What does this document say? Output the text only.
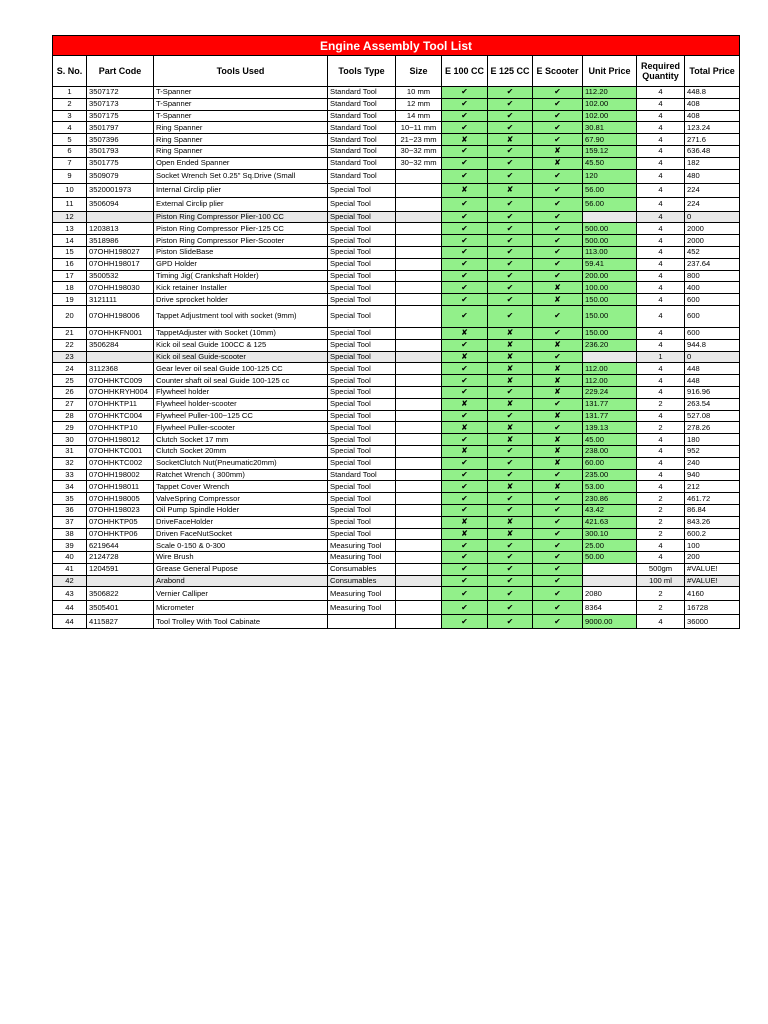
Engine Assembly Tool List										
S. No.	Part Code	Tools Used	Tools Type	Size	E 100 CC	E 125 CC	E Scooter	Unit Price	Required Quantity	Total Price
1	3507172	T-Spanner	Standard Tool	10 mm	✔	✔	✔	112.20	4	448.8
2	3507173	T-Spanner	Standard Tool	12 mm	✔	✔	✔	102.00	4	408
3	3507175	T-Spanner	Standard Tool	14 mm	✔	✔	✔	102.00	4	408
4	3501797	Ring Spanner	Standard Tool	10~11 mm	✔	✔	✔	30.81	4	123.24
5	3507396	Ring Spanner	Standard Tool	21~23 mm	✘	✘	✔	67.90	4	271.6
6	3501793	Ring Spanner	Standard Tool	30~32 mm	✔	✔	✘	159.12	4	636.48
7	3501775	Open Ended Spanner	Standard Tool	30~32 mm	✔	✔	✘	45.50	4	182
9	3509079	Socket Wrench Set 0.25" Sq.Drive (Small	Standard Tool		✔	✔	✔	120	4	480
10	3520001973	Internal Circlip plier	Special Tool		✘	✘	✔	56.00	4	224
11	3506094	External Circlip plier	Special Tool		✔	✔	✔	56.00	4	224
12		Piston Ring Compressor Plier-100 CC	Special Tool		✔	✔	✔		4	0
13	1203813	Piston Ring Compressor Plier-125 CC	Special Tool		✔	✔	✔	500.00	4	2000
14	3518986	Piston Ring Compressor Plier-Scooter	Special Tool		✔	✔	✔	500.00	4	2000
15	07OHH198027	Piston SlideBase	Special Tool		✔	✔	✔	113.00	4	452
16	07OHH198017	GPD Holder	Special Tool		✔	✔	✔	59.41	4	237.64
17	3500532	Timing Jig( Crankshaft Holder)	Special Tool		✔	✔	✔	200.00	4	800
18	07OHH198030	Kick retainer Installer	Special Tool		✔	✔	✘	100.00	4	400
19	3121111	Drive sprocket holder	Special Tool		✔	✔	✘	150.00	4	600
20	07OHH198006	Tappet Adjustment tool with socket (9mm)	Special Tool		✔	✔	✔	150.00	4	600
21	07OHHKFN001	TappetAdjuster with Socket (10mm)	Special Tool		✘	✘	✔	150.00	4	600
22	3506284	Kick oil seal Guide 100CC & 125	Special Tool		✔	✘	✘	236.20	4	944.8
23		Kick oil seal Guide-scooter	Special Tool		✘	✘	✔		1	0
24	3112368	Gear lever oil seal Guide 100-125 CC	Special Tool		✔	✘	✘	112.00	4	448
25	07OHHKTC009	Counter shaft oil seal Guide 100-125 cc	Special Tool		✔	✘	✘	112.00	4	448
26	07OHHKRYH004	Flywheel holder	Special Tool		✔	✔	✘	229.24	4	916.96
27	07OHHKTP11	Flywheel holder-scooter	Special Tool		✘	✘	✔	131.77	2	263.54
28	07OHHKTC004	Flywheel Puller-100~125 CC	Special Tool		✔	✔	✘	131.77	4	527.08
29	07OHHKTP10	Flywheel Puller-scooter	Special Tool		✘	✘	✔	139.13	2	278.26
30	07OHH198012	Clutch Socket 17 mm	Special Tool		✔	✘	✘	45.00	4	180
31	07OHHKTC001	Clutch Socket 20mm	Special Tool		✘	✔	✘	238.00	4	952
32	07OHHKTC002	SocketClutch Nut(Pneumatic20mm)	Special Tool		✔	✔	✘	60.00	4	240
33	07OHH198002	Ratchet Wrench ( 300mm)	Standard Tool		✔	✔	✔	235.00	4	940
34	07OHH198011	Tappet Cover Wrench	Special Tool		✔	✘	✘	53.00	4	212
35	07OHH198005	ValveSpring Compressor	Special Tool		✔	✔	✔	230.86	2	461.72
36	07OHH198023	Oil Pump Spindle Holder	Special Tool		✔	✔	✔	43.42	2	86.84
37	07OHHKTP05	DriveFaceHolder	Special Tool		✘	✘	✔	421.63	2	843.26
38	07OHHKTP06	Driven FaceNutSocket	Special Tool		✘	✘	✔	300.10	2	600.2
39	6219644	Scale 0-150 & 0-300	Measuring Tool		✔	✔	✔	25.00	4	100
40	2124728	Wire Brush	Measuring Tool		✔	✔	✔	50.00	4	200
41	1204591	Grease General Pupose	Consumables		✔	✔	✔		500gm	#VALUE!
42		Arabond	Consumables		✔	✔	✔		100 ml	#VALUE!
43	3506822	Vernier Calliper	Measuring Tool		✔	✔	✔	2080	2	4160
44	3505401	Micrometer	Measuring Tool		✔	✔	✔	8364	2	16728
44	4115827	Tool Trolley With Tool Cabinate			✔	✔	✔	9000.00	4	36000
